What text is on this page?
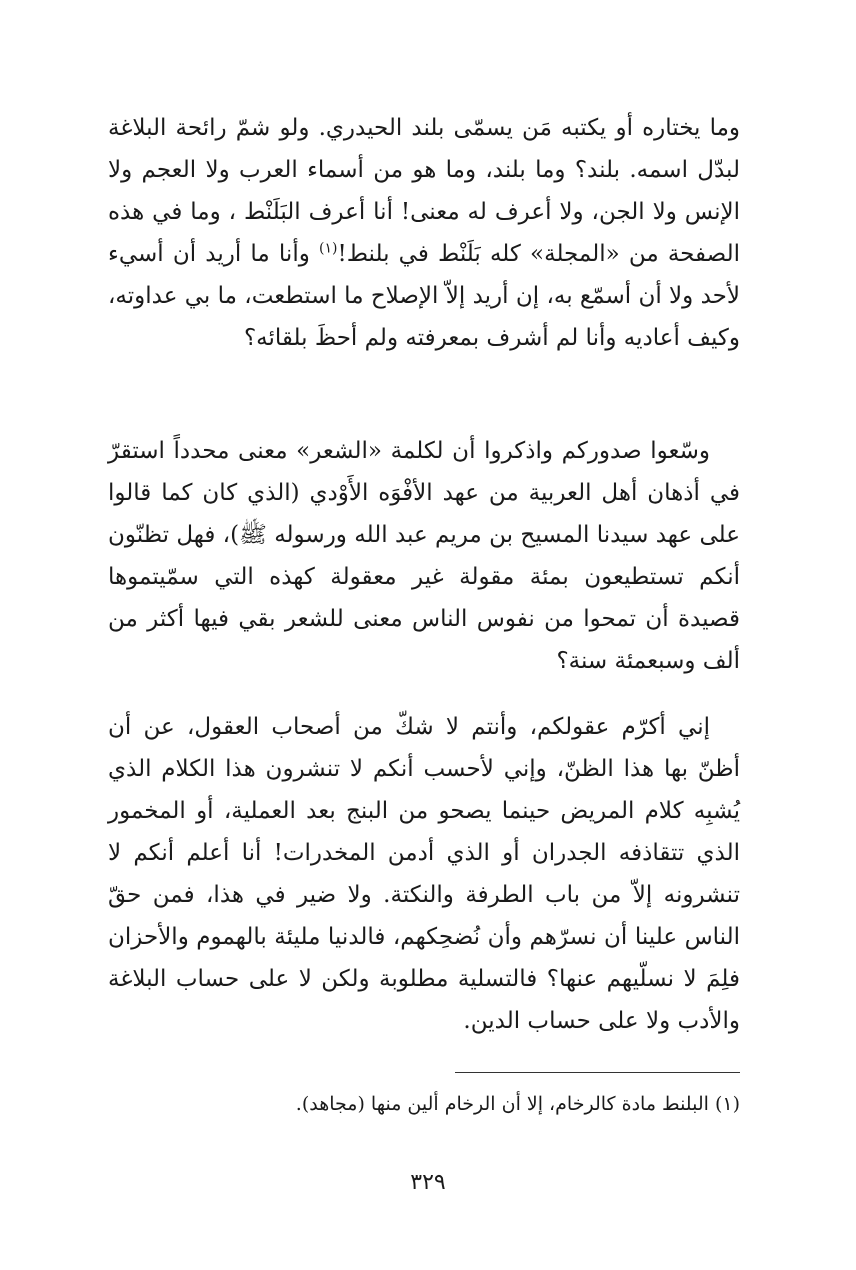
وما يختاره أو يكتبه مَن يسمّى بلند الحيدري. ولو شمّ رائحة البلاغة لبدّل اسمه. بلند؟ وما بلند، وما هو من أسماء العرب ولا العجم ولا الإنس ولا الجن، ولا أعرف له معنى! أنا أعرف البَلَنْط ، وما في هذه الصفحة من «المجلة» كله بَلَنْط في بلنط!$^{(١)}$ وأنا ما أريد أن أسيء لأحد ولا أن أسمّع به، إن أريد إلاّ الإصلاح ما استطعت، ما بي عداوته، وكيف أعاديه وأنا لم أشرف بمعرفته ولم أحظَ بلقائه؟

وسّعوا صدوركم واذكروا أن لكلمة «الشعر» معنى محدداً استقرّ في أذهان أهل العربية من عهد الأفْوَه الأَوْدي (الذي كان كما قالوا على عهد سيدنا المسيح بن مريم عبد الله ورسوله ﷺ)، فهل تظنّون أنكم تستطيعون بمئة مقولة غير معقولة كهذه التي سمّيتموها قصيدة أن تمحوا من نفوس الناس معنى للشعر بقي فيها أكثر من ألف وسبعمئة سنة؟

إني أكرّم عقولكم، وأنتم لا شكّ من أصحاب العقول، عن أن أظنّ بها هذا الظنّ، وإني لأحسب أنكم لا تنشرون هذا الكلام الذي يُشبِه كلام المريض حينما يصحو من البنج بعد العملية، أو المخمور الذي تتقاذفه الجدران أو الذي أدمن المخدرات! أنا أعلم أنكم لا تنشرونه إلاّ من باب الطرفة والنكتة. ولا ضير في هذا، فمن حقّ الناس علينا أن نسرّهم وأن نُضحِكهم، فالدنيا مليئة بالهموم والأحزان فلِمَ لا نسلّيهم عنها؟ فالتسلية مطلوبة ولكن لا على حساب البلاغة والأدب ولا على حساب الدين.

(١) البلنط مادة كالرخام، إلا أن الرخام ألين منها (مجاهد).

٣٢٩
